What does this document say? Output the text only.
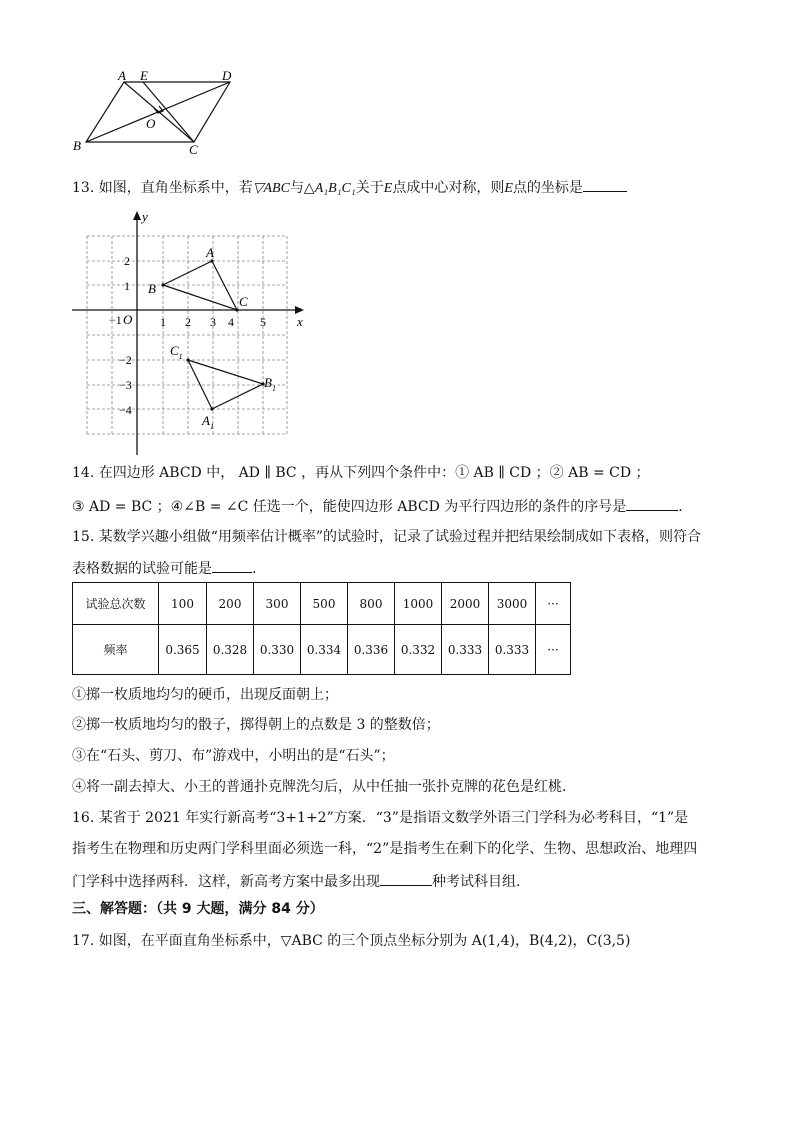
A E	D
O
B	C
13. 如图，直角坐标系中，若▽ABC与△A₁B₁C₁关于E点成中心对称，则E点的坐标是
x
y
O
−1	1 2 3 4 5
2
1
−2
−3
−4
A
B
C
$C_1$
$B_1$
$A_1$
14. 在四边形 ABCD 中， AD ∥ BC ，再从下列四个条件中：① AB ∥ CD ；② AB = CD ；
③ AD = BC ；④∠B = ∠C 任选一个，能使四边形 ABCD 为平行四边形的条件的序号是	.
15. 某数学兴趣小组做“用频率估计概率”的试验时，记录了试验过程并把结果绘制成如下表格，则符合
表格数据的试验可能是	.
试验总次数	100	200	300	500	800	1000	2000	3000	···
频率	0.365	0.328	0.330	0.334	0.336	0.332	0.333	0.333	···
①掷一枚质地均匀的硬币，出现反面朝上；
②掷一枚质地均匀的骰子，掷得朝上的点数是 3 的整数倍；
③在“石头、剪刀、布”游戏中，小明出的是“石头”；
④将一副去掉大、小王的普通扑克牌洗匀后，从中任抽一张扑克牌的花色是红桃.
16. 某省于 2021 年实行新高考“3+1+2”方案．“3”是指语文数学外语三门学科为必考科目，“1”是
指考生在物理和历史两门学科里面必须选一科，“2”是指考生在剩下的化学、生物、思想政治、地理四
门学科中选择两科．这样，新高考方案中最多出现	种考试科目组.
三、解答题：（共 9 大题，满分 84 分）
17. 如图，在平面直角坐标系中，▽ABC 的三个顶点坐标分别为 A(1,4)，B(4,2)，C(3,5)
